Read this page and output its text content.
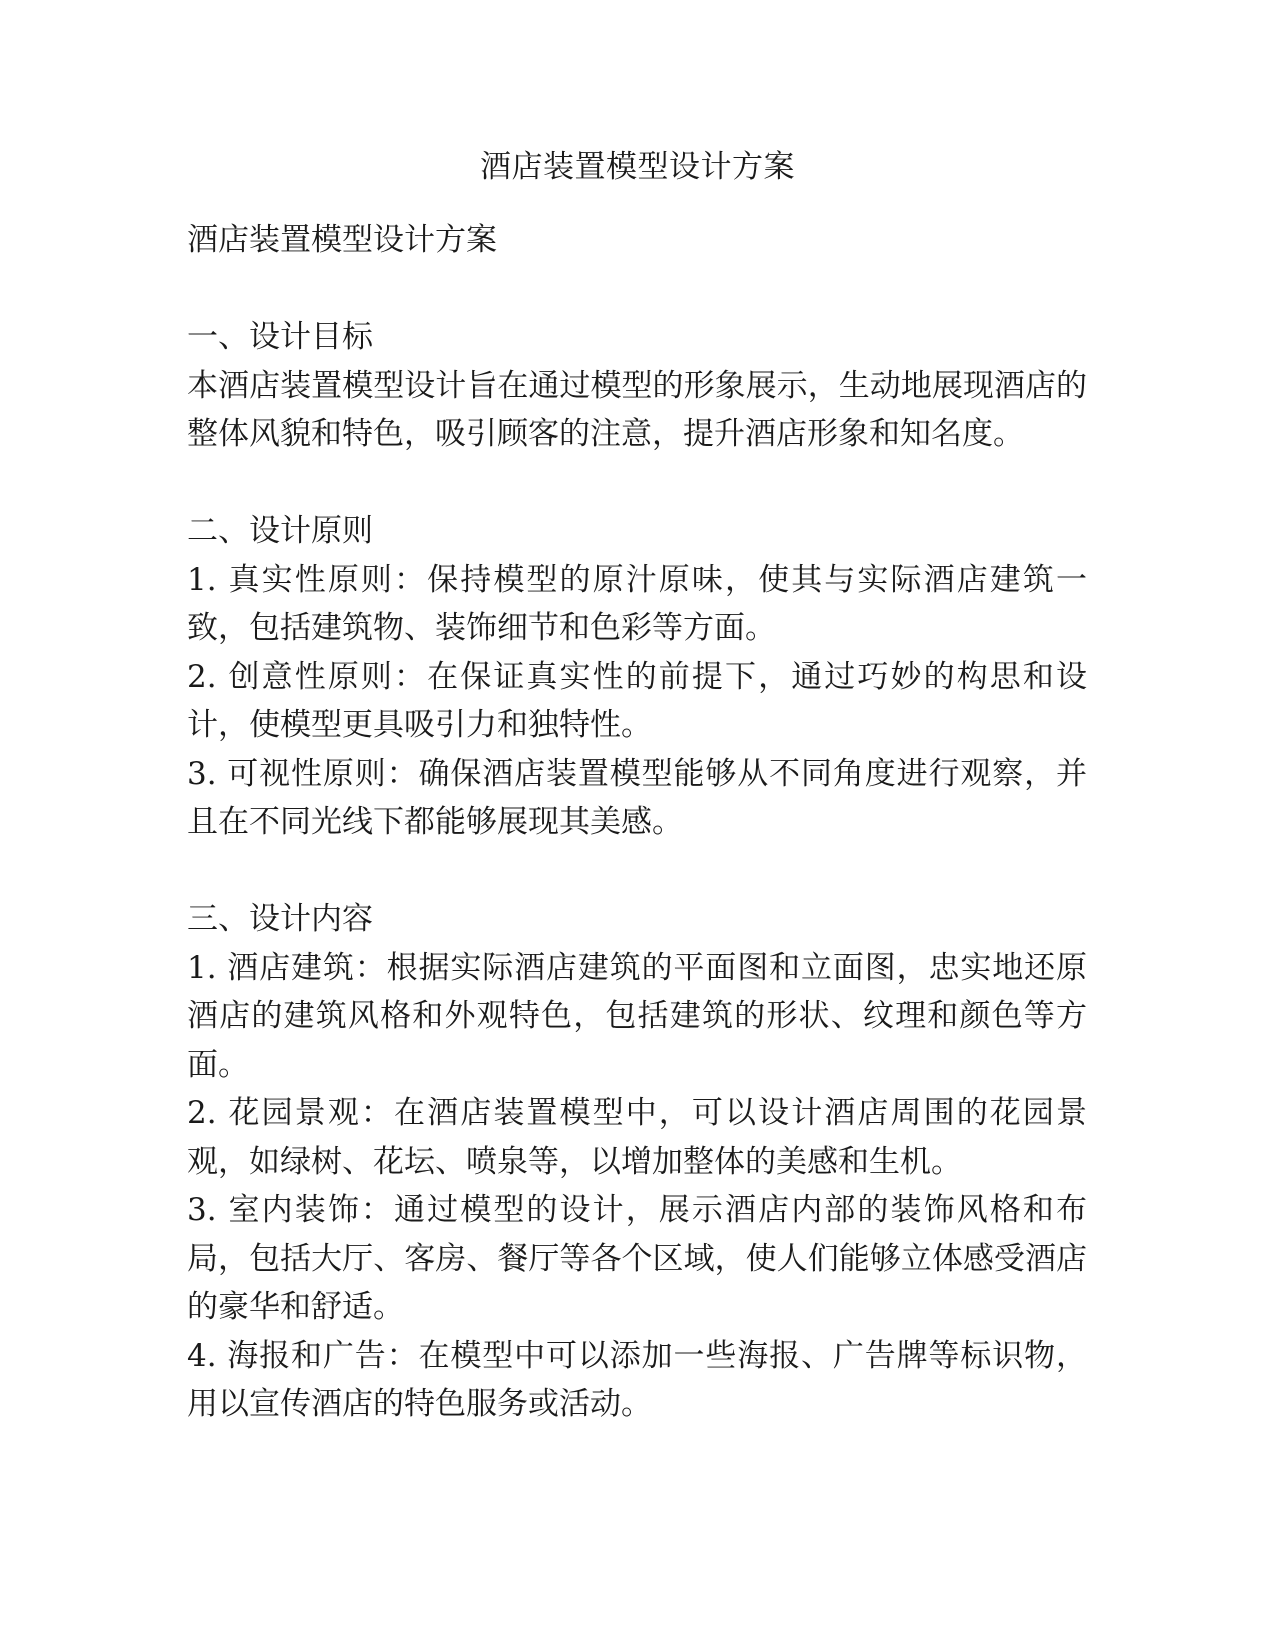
酒店装置模型设计方案

酒店装置模型设计方案

一、设计目标

本酒店装置模型设计旨在通过模型的形象展示，生动地展现酒店的整体风貌和特色，吸引顾客的注意，提升酒店形象和知名度。

二、设计原则

1. 真实性原则：保持模型的原汁原味，使其与实际酒店建筑一致，包括建筑物、装饰细节和色彩等方面。

2. 创意性原则：在保证真实性的前提下，通过巧妙的构思和设计，使模型更具吸引力和独特性。

3. 可视性原则：确保酒店装置模型能够从不同角度进行观察，并且在不同光线下都能够展现其美感。

三、设计内容

1. 酒店建筑：根据实际酒店建筑的平面图和立面图，忠实地还原酒店的建筑风格和外观特色，包括建筑的形状、纹理和颜色等方面。

2. 花园景观：在酒店装置模型中，可以设计酒店周围的花园景观，如绿树、花坛、喷泉等，以增加整体的美感和生机。

3. 室内装饰：通过模型的设计，展示酒店内部的装饰风格和布局，包括大厅、客房、餐厅等各个区域，使人们能够立体感受酒店的豪华和舒适。

4. 海报和广告：在模型中可以添加一些海报、广告牌等标识物，用以宣传酒店的特色服务或活动。
